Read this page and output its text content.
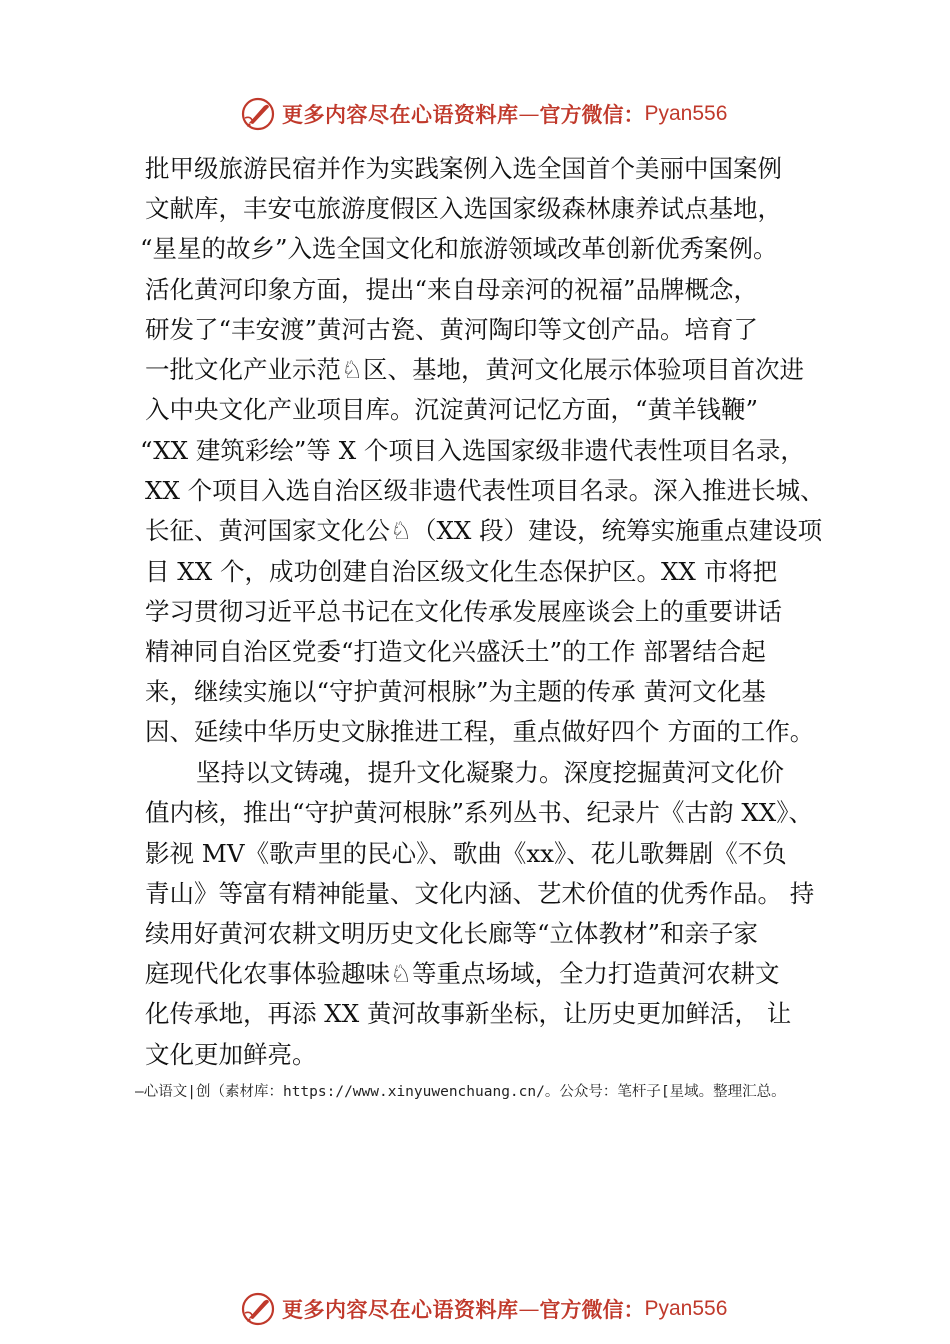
更多内容尽在心语资料库 — 官方微信： Pyan556
批甲级旅游民宿并作为实践案例入选全国首个美丽中国案例
文献库，丰安屯旅游度假区入选国家级森林康养试点基地，
“星星的故乡”入选全国文化和旅游领域改革创新优秀案例。
活化黄河印象方面，提出“来自母亲河的祝福”品牌概念，
研发了“丰安渡”黄河古瓷、黄河陶印等文创产品。培育了
一批文化产业示范♘区、基地，黄河文化展示体验项目首次进
入中央文化产业项目库。沉淀黄河记忆方面，“黄羊钱鞭”
“XX 建筑彩绘”等 X 个项目入选国家级非遗代表性项目名录，
XX 个项目入选自治区级非遗代表性项目名录。深入推进长城、
长征、黄河国家文化公♘（XX 段）建设，统筹实施重点建设项
目 XX 个，成功创建自治区级文化生态保护区。XX 市将把
学习贯彻习近平总书记在文化传承发展座谈会上的重要讲话
精神同自治区党委“打造文化兴盛沃土”的工作 部署结合起
来，继续实施以“守护黄河根脉”为主题的传承 黄河文化基
因、延续中华历史文脉推进工程，重点做好四个 方面的工作。
坚持以文铸魂，提升文化凝聚力。深度挖掘黄河文化价
值内核，推出“守护黄河根脉”系列丛书、纪录片《古韵 XX》、
影视 MV《歌声里的民心》、歌曲《xx》、花儿歌舞剧《不负
青山》等富有精神能量、文化内涵、艺术价值的优秀作品。 持
续用好黄河农耕文明历史文化长廊等“立体教材”和亲子家
庭现代化农事体验趣味♘等重点场域，全力打造黄河农耕文
化传承地，再添 XX 黄河故事新坐标，让历史更加鲜活， 让
文化更加鲜亮。
—心语文|创（素材库：https://www.xinyuwenchuang.cn/。公众号：笔杆子[星域。整理汇总。
更多内容尽在心语资料库 — 官方微信： Pyan556
